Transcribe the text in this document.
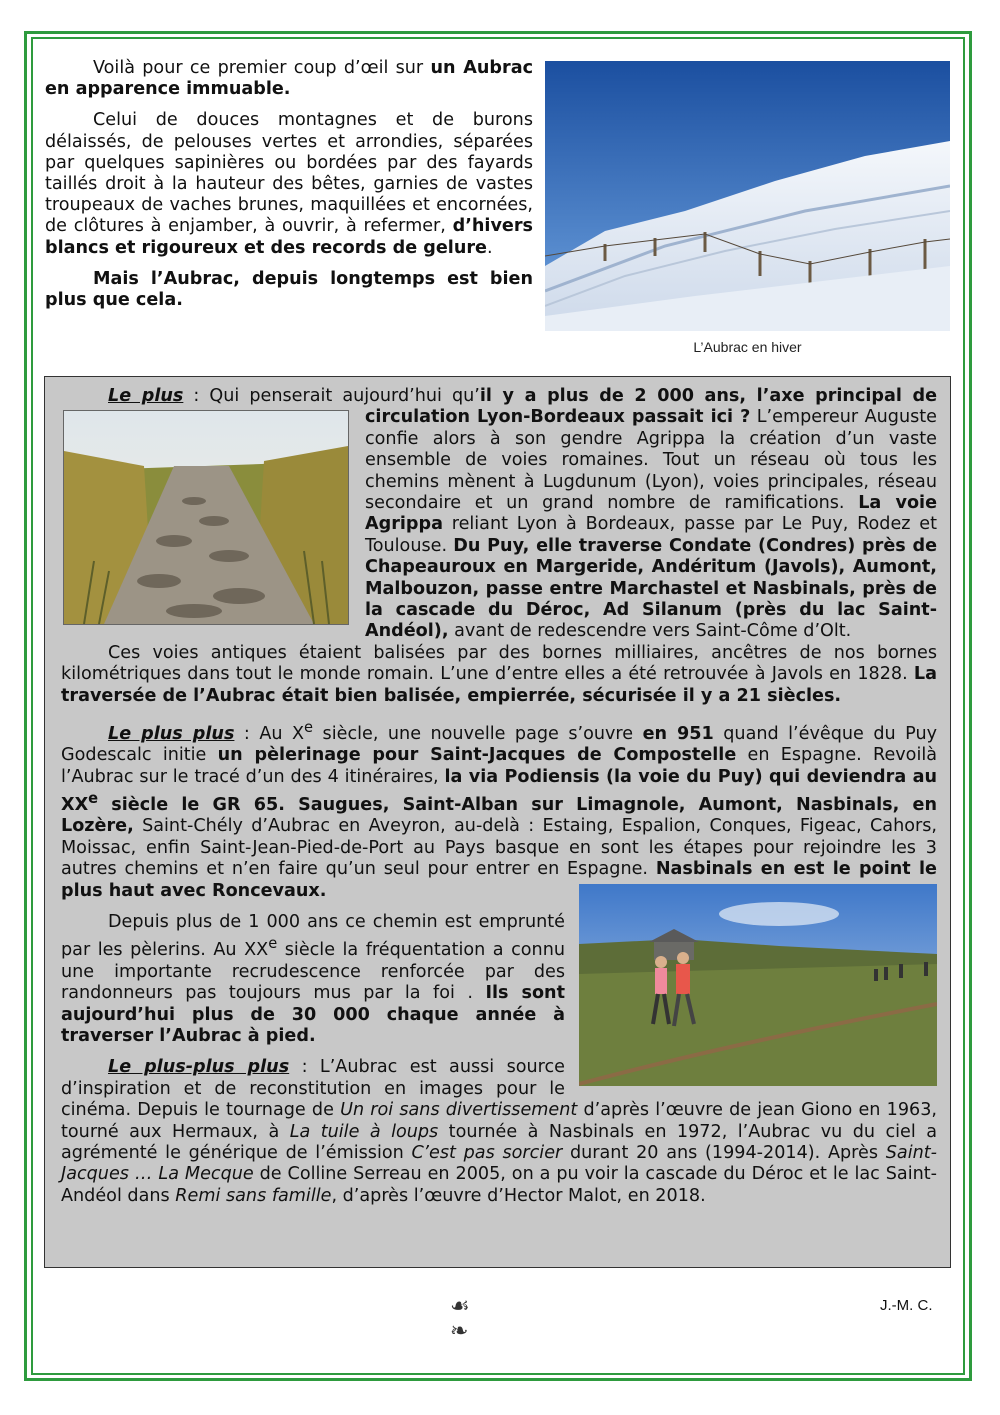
Voilà pour ce premier coup d’œil sur un Aubrac en apparence immuable.

Celui de douces montagnes et de burons délaissés, de pelouses vertes et arrondies, séparées par quelques sapinières ou bordées par des fayards taillés droit à la hauteur des bêtes, garnies de vastes troupeaux de vaches brunes, maquillées et encornées, de clôtures à enjamber, à ouvrir, à refermer, d’hivers blancs et rigoureux et des records de gelure.

Mais l’Aubrac, depuis longtemps est bien plus que cela.

L’Aubrac en hiver

Le plus : Qui penserait aujourd’hui qu’il y a plus de 2 000 ans, l’axe principal de circulation Lyon-Bordeaux passait ici ?
L’empereur Auguste confie alors à son gendre Agrippa la création d’un vaste ensemble de voies romaines. Tout un réseau où tous les chemins mènent à Lugdunum (Lyon), voies principales, réseau secondaire et un grand nombre de ramifications. La voie Agrippa reliant Lyon à Bordeaux, passe par Le Puy, Rodez et Toulouse. Du Puy, elle traverse Condate (Condres) près de Chapeauroux en Margeride, Andéritum (Javols), Aumont, Malbouzon, passe entre Marchastel et Nasbinals, près de la cascade du Déroc, Ad Silanum (près du lac Saint-Andéol), avant de redescendre vers Saint-Côme d’Olt.

Ces voies antiques étaient balisées par des bornes milliaires, ancêtres de nos bornes kilométriques dans tout le monde romain. L’une d’entre elles a été retrouvée à Javols en 1828. La traversée de l’Aubrac était bien balisée, empierrée, sécurisée il y a 21 siècles.

Le plus plus : Au Xe siècle, une nouvelle page s’ouvre en 951 quand l’évêque du Puy Godescalc initie un pèlerinage pour Saint-Jacques de Compostelle en Espagne. Revoilà l’Aubrac sur le tracé d’un des 4 itinéraires, la via Podiensis (la voie du Puy) qui deviendra au XXe siècle le GR 65. Saugues, Saint-Alban sur Limagnole, Aumont, Nasbinals, en Lozère, Saint-Chély d’Aubrac en Aveyron, au-delà : Estaing, Espalion, Conques, Figeac, Cahors, Moissac, enfin Saint-Jean-Pied-de-Port au Pays basque en sont les étapes pour rejoindre les 3 autres chemins et n’en faire qu’un seul pour entrer en Espagne.
Nasbinals en est le point le plus haut avec Roncevaux.

Depuis plus de 1 000 ans ce chemin est emprunté par les pèlerins. Au XXe siècle la fréquentation a connu une importante recrudescence renforcée par des randonneurs pas toujours mus par la foi . Ils sont aujourd’hui plus de 30 000 chaque année à traverser l’Aubrac à pied.

Le plus-plus plus : L’Aubrac est aussi source d’inspiration et de reconstitution en images pour le cinéma. Depuis le tournage de Un roi sans divertissement d’après l’œuvre de jean Giono en 1963, tourné aux Hermaux, à La tuile à loups tournée à Nasbinals en 1972, l’Aubrac vu du ciel a agrémenté le générique de l’émission C’est pas sorcier durant 20 ans (1994-2014). Après Saint-Jacques … La Mecque de Colline Serreau en 2005, on a pu voir la cascade du Déroc et le lac Saint-Andéol dans Remi sans famille, d’après l’œuvre d’Hector Malot, en 2018.

☙ ❧
J.-M. C.
